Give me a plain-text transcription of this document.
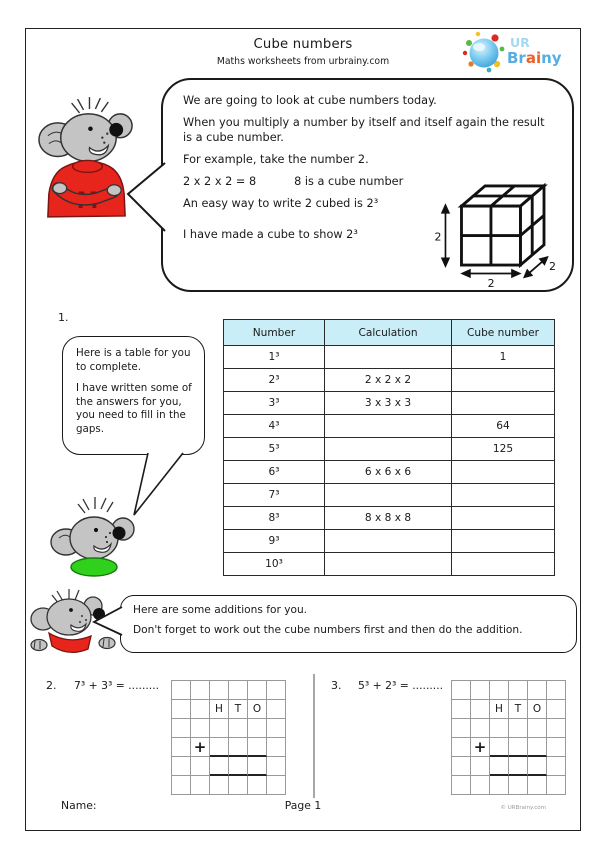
Cube numbers
Maths worksheets from urbrainy.com
UR
Brainy
M

We are going to look at cube numbers today.

When you multiply a number by itself and itself again the result is a cube number.

For example, take the number 2.

2 x 2 x 2 = 8	8 is a cube number

An easy way to write 2 cubed is 2³

I have made a cube to show 2³	2
2
2
1.

Here is a table for you to complete.

I have written some of the answers for you, you need to fill in the gaps.

Number	Calculation	Cube number
1³		1
2³	2 x 2 x 2	
3³	3 x 3 x 3	
4³		64
5³		125
6³	6 x 6 x 6	
7³		
8³	8 x 8 x 8	
9³		
10³		

Here are some additions for you.

Don't forget to work out the cube numbers first and then do the addition.

2. 7³ + 3³ = .........
H	T	O
+
3. 5³ + 2³ = .........
H	T	O
+
Name:	Page 1	© URBrainy.com
